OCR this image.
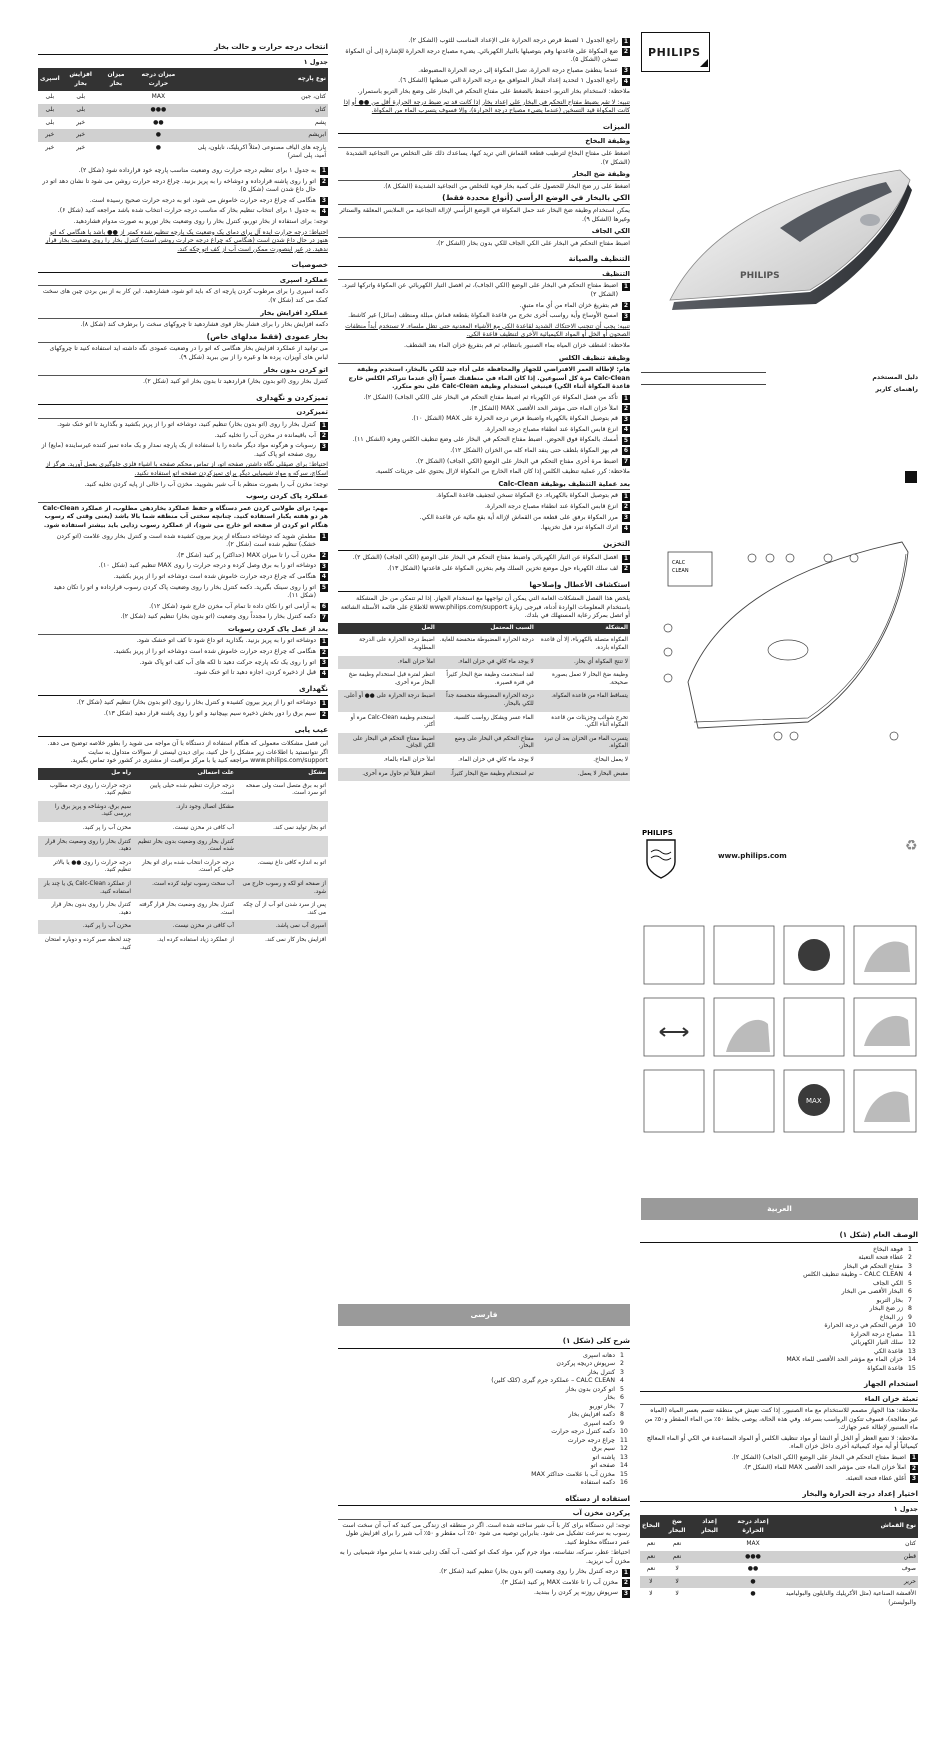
انتخاب درجه حرارت و حالت بخار
جدول ۱
نوع پارچه	میزان درجه حرارت	میزان بخار	افزایش بخار	اسپری
کتان، جین	MAX		بلی	بلی
کتان	●●●		بلی	بلی
پشم	●●		خیر	بلی
ابریشم	●		خیر	خیر
پارچه های الیاف مصنوعی (مثلاً اکریلیک، نایلون، پلی آمید، پلی استر)	●		خیر	خیر
1
به جدول ۱ برای تنظیم درجه حرارت روی وضعیت مناسب پارچه خود قرارداده شود (شکل ۲).
2
اتو را روی پاشنه قرارداده و دوشاخه را به پریز بزنید. چراغ درجه حرارت روشن می شود تا نشان دهد اتو در حال داغ شدن است (شکل ۵).
3
هنگامی که چراغ درجه حرارت خاموش می شود، اتو به درجه حرارت صحیح رسیده است.
4
به جدول ۱ برای انتخاب تنظیم بخار که مناسب درجه حرارت انتخاب شده باشد مراجعه کنید (شکل ۶).
توجه: برای استفاده از بخار توربو، کنترل بخار را روی وضعیت بخار توربو به صورت مدوام فشاردهید.
احتیاط: درجه حرارت ایده آل برای دمای یک وضعیت یک پارچه تنظیم شده کمتر از ●● باشد یا هنگامی که اتو هنوز در حال داغ شدن است (هنگامی که چراغ درجه حرارت روشن است) کنترل بخار را روی وضعیت بخار قرار ندهید. در غیر اینصورت ممکن است آب از کف اتو چکه کند.
خصوصیات
عملکرد اسپری
دکمه اسپری را برای مرطوب کردن پارچه ای که باید اتو شود، فشاردهید. این کار به از بین بردن چین های سخت کمک می کند (شکل ۷).
عملکرد افزایش بخار
دکمه افزایش بخار را برای فشار بخار قوی فشاردهید تا چروکهای سخت را برطرف کند (شکل ۸).
بخار عمودی (فقط مدلهای خاص)
می توانید از عملکرد افزایش بخار هنگامی که اتو را در وضعیت عمودی نگه داشته اید استفاده کنید تا چروکهای لباس های آویزان، پرده ها و غیره را از بین ببرید (شکل ۹).
اتو کردن بدون بخار
کنترل بخار روی (اتو بدون بخار) قراردهید تا بدون بخار اتو کنید (شکل ۲).
تمیزکردن و نگهداری
تمیزکردن
1
کنترل بخار را روی (اتو بدون بخار) تنظیم کنید، دوشاخه اتو را از پریز بکشید و بگذارید تا اتو خنک شود.
2
آب باقیمانده در مخزن آب را تخلیه کنید.
3
رسوبات و هرگونه مواد دیگر مانده را با استفاده از یک پارچه نمدار و یک ماده تمیز کننده غیرساینده (مایع) از روی صفحه اتو پاک کنید.
احتیاط: برای صیقلی نگاه داشتن صفحه اتو، از تماس محکم صفحه با اشیاء فلزی جلوگیری بعمل آورید. هرگز از اسکاچ، سرکه و مواد شیمیایی دیگر برای تمیزکردن صفحه اتو استفاده نکنید.
توجه: مخزن آب را بصورت منظم با آب شیر بشویید. مخزن آب را خالی از پایه کردن تخلیه کنید.
عملکرد پاک کردن رسوب
مهم: برای طولانی کردن عمر دستگاه و حفظ عملکرد بخاردهی مطلوب، از عملکرد Calc-Clean هر دو هفته یکبار استفاده کنید. چنانچه سختی آب منطقه شما بالا باشد (یعنی وقتی که رسوب هنگام اتو کردن از صفحه اتو خارج می شود)، از عملکرد رسوب زدایی باید بیشتر استفاده شود.
1
مطمئن شوید که دوشاخه دستگاه از پریز بیرون کشیده شده است و کنترل بخار روی علامت (اتو کردن خشک) تنظیم شده است (شکل ۲).
2
مخزن آب را تا میزان MAX (حداکثر) پر کنید (شکل ۳).
3
دوشاخه اتو را به برق وصل کرده و درجه حرارت را روی MAX تنظیم کنید (شکل ۱۰).
4
هنگامی که چراغ درجه حرارت خاموش شده است دوشاخه اتو را از پریز بکشید.
5
اتو را روی سینک بگیرید. دکمه کنترل بخار را روی وضعیت پاک کردن رسوب قرارداده و اتو را تکان دهید (شکل ۱۱).
6
به آرامی اتو را تکان داده تا تمام آب مخزن خارج شود (شکل ۱۲).
7
دکمه کنترل بخار را مجدداً روی وضعیت (اتو بدون بخار) تنظیم کنید (شکل ۲).
بعد از عمل پاک کردن رسوبات
1
دوشاخه اتو را به پریز بزنید. بگذارید اتو داغ شود تا کف اتو خشک شود.
2
هنگامی که چراغ درجه حرارت خاموش شده است دوشاخه اتو را از پریز بکشید.
3
اتو را روی یک تکه پارچه حرکت دهید تا لکه های آب کف اتو پاک شود.
4
قبل از ذخیره کردن، اجازه دهید تا اتو خنک شود.
نگهداری
1
دوشاخه اتو را از پریز بیرون کشیده و کنترل بخار را روی (اتو بدون بخار) تنظیم کنید (شکل ۲).
2
سیم برق را دور بخش ذخیره سیم بپیچانید و اتو را روی پاشنه قرار دهید (شکل ۱۳).
عیب یابی
این فصل مشکلات معمولی که هنگام استفاده از دستگاه با آن مواجه می شوید را بطور خلاصه توضیح می دهد. اگر نتوانستید با اطلاعات زیر مشکل را حل کنید، برای دیدن لیستی از سوالات متداول به سایت www.philips.com/support مراجعه کنید یا با مرکز مراقبت از مشتری در کشور خود تماس بگیرید.
مشکل	علت احتمالی	راه حل
اتو به برق متصل است ولی صفحه اتو سرد است.	درجه حرارت تنظیم شده خیلی پایین است.	درجه حرارت را روی درجه مطلوب تنظیم کنید.
	مشکل اتصال وجود دارد.	سیم برق، دوشاخه و پریز برق را بررسی کنید.
اتو بخار تولید نمی کند.	آب کافی در مخزن نیست.	مخزن آب را پر کنید.
	کنترل بخار روی وضعیت بدون بخار تنظیم شده است.	کنترل بخار را روی وضعیت بخار قرار دهید.
اتو به اندازه کافی داغ نیست.	درجه حرارت انتخاب شده برای اتو بخار خیلی کم است.	درجه حرارت را روی ●● یا بالاتر تنظیم کنید.
از صفحه اتو لکه و رسوب خارج می شود.	آب سخت رسوب تولید کرده است.	از عملکرد Calc-Clean یک یا چند بار استفاده کنید.
پس از سرد شدن اتو آب از آن چکه می کند.	کنترل بخار روی وضعیت بخار قرار گرفته است.	کنترل بخار را روی بدون بخار قرار دهید.
اسپری آب نمی پاشد.	آب کافی در مخزن نیست.	مخزن آب را پر کنید.
افزایش بخار کار نمی کند.	از عملکرد زیاد استفاده کرده اید.	چند لحظه صبر کرده و دوباره امتحان کنید.
1
راجع الجدول ١ لضبط قرص درجة الحرارة على الإعداد المناسب للثوب (الشكل ٢).
2
ضع المكواة على قاعدتها وقم بتوصيلها بالتيار الكهربائي. يضيء مصباح درجة الحرارة للإشارة إلى أن المكواة تسخن (الشكل ٥).
3
عندما ينطفئ مصباح درجة الحرارة، تصل المكواة إلى درجة الحرارة المضبوطة.
4
راجع الجدول ١ لتحديد إعداد البخار المتوافق مع درجة الحرارة التي ضبطتها (الشكل ٦).
ملاحظة: لاستخدام بخار التربو، احتفظ بالضغط على مفتاح التحكم في البخار على وضع بخار التربو باستمرار.
تنبيه: لا تقم بضبط مفتاح التحكم في البخار على إعداد بخار إذا كانت قد تم ضبط درجة الحرارة أقل من ●● أو إذا كانت المكواة قيد التسخين (عندما يضيء مصباح درجة الحرارة)، وإلا فسوف يتسرب الماء من المكواة.
الميزات
وظيفة البخاخ
اضغط على مفتاح البخاخ لترطيب قطعة القماش التي تريد كيها، يساعدك ذلك على التخلص من التجاعيد الشديدة (الشكل ٧).
وظيفة ضخ البخار
اضغط على زر ضخ البخار للحصول على كمية بخار قوية للتخلص من التجاعيد الشديدة (الشكل ٨).
الكي بالبخار في الوضع الرأسي (أنواع محددة فقط)
يمكن استخدام وظيفة ضخ البخار عند حمل المكواة في الوضع الرأسي لإزالة التجاعيد من الملابس المعلقة والستائر وغيرها (الشكل ٩).
الكي الجاف
اضبط مفتاح التحكم في البخار على الكي الجاف للكي بدون بخار (الشكل ٢).
التنظيف والصيانة
التنظيف
1
اضبط مفتاح التحكم في البخار على الوضع (الكي الجاف)، ثم افصل التيار الكهربائي عن المكواة واتركها لتبرد. (الشكل ٢)
2
قم بتفريغ خزان الماء من أي ماء متبقٍ.
3
امسح الأوساخ وأية رواسب أخرى تخرج من قاعدة المكواة بقطعة قماش مبللة ومنظف (سائل) غير كاشط.
تنبيه: يجب أن تتجنب الاحتكاك الشديد لقاعدة الكي مع الأشياء المعدنية حتى تظل ملساء. لا تستخدم أبداً منظفات الصحون أو الخل أو المواد الكيميائية الأخرى لتنظيف قاعدة الكي.
ملاحظة: اشطف خزان المياه بماء الصنبور بانتظام، ثم قم بتفريغ خزان الماء بعد الشطف.
وظيفة تنظيف الكلس
هام: لإطالة العمر الافتراضي للجهاز والمحافظة على أداء جيد للكي بالبخار، استخدم وظيفة Calc-Clean مرة كل أسبوعين. إذا كان الماء في منطقتك عسراً (أي عندما تتراكم الكلس خارج قاعدة المكواة أثناء الكي) فينبغي استخدام وظيفة Calc-Clean على نحو متكرر.
1
تأكد من فصل المكواة عن الكهرباء ثم اضبط مفتاح التحكم في البخار على (الكي الجاف) (الشكل ٢).
2
املأ خزان الماء حتى مؤشر الحد الأقصى MAX (الشكل ٣).
3
قم بتوصيل المكواة بالكهرباء واضبط قرص درجة الحرارة على MAX (الشكل ١٠).
4
انزع قابس المكواة عند انطفاء مصباح درجة الحرارة.
5
أمسك بالمكواة فوق الحوض. اضبط مفتاح التحكم في البخار على وضع تنظيف الكلس وهزه (الشكل ١١).
6
قم بهز المكواة بلطف حتى ينفد الماء كله من الخزان (الشكل ١٢).
7
اضبط مرة أخرى مفتاح التحكم في البخار على الوضع (الكي الجاف) (الشكل ٢).
ملاحظة: كرر عملية تنظيف الكلس إذا كان الماء الخارج من المكواة لازال يحتوي على جزيئات كلسية.
بعد عملية التنظيف بوظيفة Calc-Clean
1
قم بتوصيل المكواة بالكهرباء. دع المكواة تسخن لتجفيف قاعدة المكواة.
2
انزع قابس المكواة عند انطفاء مصباح درجة الحرارة.
3
مرر المكواة برفق على قطعة من القماش لإزالة أية بقع مائية عن قاعدة الكي.
4
اترك المكواة تبرد قبل تخزينها.
التخزين
1
افصل المكواة عن التيار الكهربائي واضبط مفتاح التحكم في البخار على الوضع (الكي الجاف) (الشكل ٢).
2
لف سلك الكهرباء حول موضع تخزين السلك وقم بتخزين المكواة على قاعدتها (الشكل ١٣).
استكشاف الأعطال وإصلاحها
يلخص هذا الفصل المشكلات العامة التي يمكن أن تواجهها مع استخدام الجهاز. إذا لم تتمكن من حل المشكلة باستخدام المعلومات الواردة أدناه، فيرجى زيارة www.philips.com/support للاطلاع على قائمة الأسئلة الشائعة أو اتصل بمركز رعاية المستهلك في بلدك.
المشكلة	السبب المحتمل	الحل
المكواة متصلة بالكهرباء، إلا أن قاعدة المكواة باردة.	درجة الحرارة المضبوطة منخفضة للغاية.	اضبط درجة الحرارة على الدرجة المطلوبة.
لا تنتج المكواة أي بخار.	لا يوجد ماء كافٍ في خزان الماء.	املأ خزان الماء.
وظيفة ضخ البخار لا تعمل بصورة صحيحة.	لقد استخدمت وظيفة ضخ البخار كثيراً في فترة قصيرة.	انتظر لفترة قبل استخدام وظيفة ضخ البخار مرة أخرى.
يتساقط الماء من قاعدة المكواة.	درجة الحرارة المضبوطة منخفضة جداً للكي بالبخار.	اضبط درجة الحرارة على ●● أو أعلى.
تخرج شوائب وجزيئات من قاعدة المكواة أثناء الكي.	الماء عسر ويشكل رواسب كلسية.	استخدم وظيفة Calc-Clean مرة أو أكثر.
يتسرب الماء من الخزان بعد أن تبرد المكواة.	مفتاح التحكم في البخار على وضع البخار.	اضبط مفتاح التحكم في البخار على الكي الجاف.
لا يعمل البخاخ.	لا يوجد ماء كافٍ في خزان الماء.	املأ خزان الماء بالماء.
مقبض البخار لا يعمل.	تم استخدام وظيفة ضخ البخار كثيراً.	انتظر قليلاً ثم حاول مرة أخرى.
فارسی
شرح کلی (شکل ۱)
1
دهانه اسپری
2
سرپوش دریچه پرکردن
3
کنترل بخار
4
CALC CLEAN – عملکرد جرم گیری (کلک کلین)
5
اتو کردن بدون بخار
6
بخار
7
بخار توربو
8
دکمه افزایش بخار
9
دکمه اسپری
10
دکمه کنترل درجه حرارت
11
چراغ درجه حرارت
12
سیم برق
13
پاشنه اتو
14
صفحه اتو
15
مخزن آب با علامت حداکثر MAX
16
دکمه استفاده
استفاده از دستگاه
پرکردن مخزن آب
توجه: این دستگاه برای کار با آب شیر ساخته شده است. اگر در منطقه ای زندگی می کنید که آب آن سخت است رسوب به سرعت تشکیل می شود. بنابراین توصیه می شود ۵۰٪ آب مقطر و ۵۰٪ آب شیر را برای افزایش طول عمر دستگاه مخلوط کنید.
احتیاط: عطر، سرکه، نشاسته، مواد جرم گیر، مواد کمک اتو کشی، آب آهک زدایی شده یا سایر مواد شیمیایی را به مخزن آب نریزید.
1
درجه کنترل بخار را روی وضعیت (اتو بدون بخار) تنظیم کنید (شکل ۲).
2
مخزن آب را تا علامت MAX پر کنید (شکل ۳).
3
سرپوش روزنه پر کردن را ببندید.
PHILIPS
PHILIPS
دليل المستخدم
راهنمای کاربر
CALC
CLEAN
PHILIPS
www.philips.com
♻
MAX
العربية
الوصف العام (شكل ١)
1
فوهة البخاخ
2
غطاء فتحة التعبئة
3
مفتاح التحكم في البخار
4
CALC CLEAN – وظيفة تنظيف الكلس
5
الكي الجاف
6
البخار الأقصى من البخار
7
بخار التربو
8
زر ضخ البخار
9
زر البخاخ
10
قرص التحكم في درجة الحرارة
11
مصباح درجة الحرارة
12
سلك التيار الكهربائي
13
قاعدة الكي
14
خزان الماء مع مؤشر الحد الأقصى للماء MAX
15
قاعدة المكواة
استخدام الجهاز
تعبئة خزان الماء
ملاحظة: هذا الجهاز مصمم للاستخدام مع ماء الصنبور. إذا كنت تعيش في منطقة تتسم بعسر المياه (المياه غير معالجة)، فسوف تتكون الرواسب بسرعة. وفي هذه الحالة، يوصى بخلط ٥٠٪ من الماء المقطر و٥٠٪ من ماء الصنبور لإطالة عمر جهازك.
ملاحظة: لا تضع العطر أو الخل أو النشا أو مواد تنظيف الكلس أو المواد المساعدة في الكي أو الماء المعالج كيميائياً أو أية مواد كيميائية أخرى داخل خزان الماء.
1
اضبط مفتاح التحكم في البخار على الوضع (الكي الجاف) (الشكل ٢).
2
املأ خزان الماء حتى مؤشر الحد الأقصى MAX للماء (الشكل ٣).
3
أغلق غطاء فتحة التعبئة.
اختيار إعداد درجة الحرارة والبخار
جدول ١
نوع القماش	إعداد درجة الحرارة	إعداد البخار	ضخ البخار	البخاخ
كتان	MAX		نعم	نعم
قطن	●●●		نعم	نعم
صوف	●●		لا	نعم
حرير	●		لا	لا
الأقمشة الصناعية (مثل الأكريليك والنايلون والبولياميد والبوليستر)	●		لا	لا
